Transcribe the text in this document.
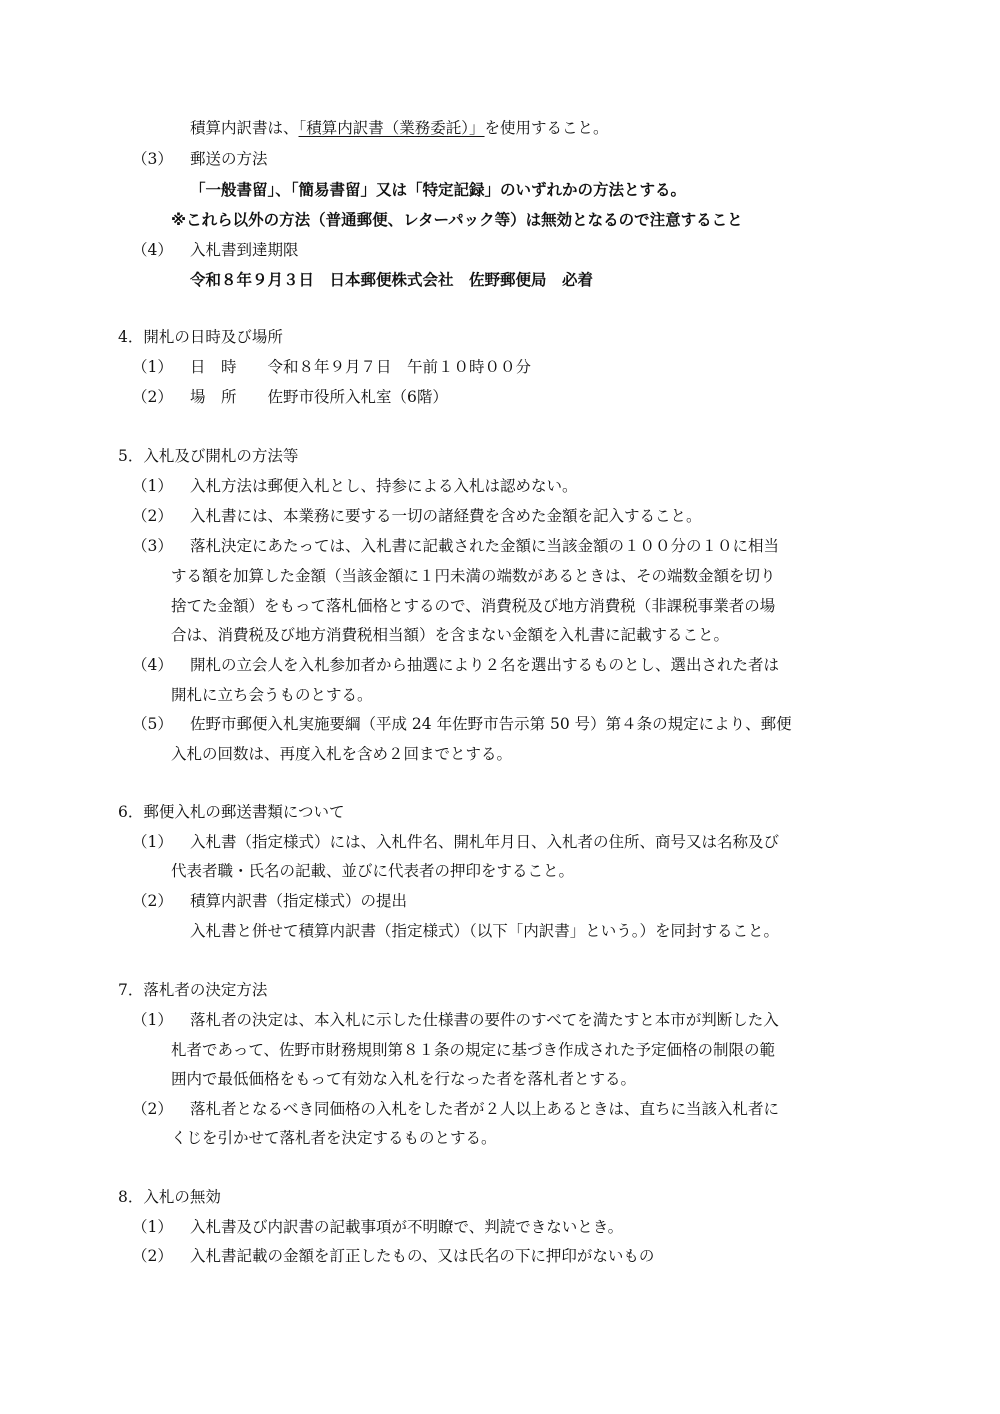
積算内訳書は、「積算内訳書（業務委託）」を使用すること。
（3） 郵送の方法
「一般書留」、「簡易書留」又は「特定記録」のいずれかの方法とする。
※これら以外の方法（普通郵便、レターパック等）は無効となるので注意すること
（4） 入札書到達期限
令和８年９月３日　日本郵便株式会社　佐野郵便局　必着
4．開札の日時及び場所
（1） 日　時　　令和８年９月７日　午前１０時００分
（2） 場　所　　佐野市役所入札室（6階）
5．入札及び開札の方法等
（1） 入札方法は郵便入札とし、持参による入札は認めない。
（2） 入札書には、本業務に要する一切の諸経費を含めた金額を記入すること。
（3） 落札決定にあたっては、入札書に記載された金額に当該金額の１００分の１０に相当
する額を加算した金額（当該金額に１円未満の端数があるときは、その端数金額を切り
捨てた金額）をもって落札価格とするので、消費税及び地方消費税（非課税事業者の場
合は、消費税及び地方消費税相当額）を含まない金額を入札書に記載すること。
（4） 開札の立会人を入札参加者から抽選により２名を選出するものとし、選出された者は
開札に立ち会うものとする。
（5） 佐野市郵便入札実施要綱（平成 24 年佐野市告示第 50 号）第４条の規定により、郵便
入札の回数は、再度入札を含め２回までとする。
6．郵便入札の郵送書類について
（1） 入札書（指定様式）には、入札件名、開札年月日、入札者の住所、商号又は名称及び
代表者職・氏名の記載、並びに代表者の押印をすること。
（2） 積算内訳書（指定様式）の提出
入札書と併せて積算内訳書（指定様式）（以下「内訳書」という。）を同封すること。
7．落札者の決定方法
（1） 落札者の決定は、本入札に示した仕様書の要件のすべてを満たすと本市が判断した入
札者であって、佐野市財務規則第８１条の規定に基づき作成された予定価格の制限の範
囲内で最低価格をもって有効な入札を行なった者を落札者とする。
（2） 落札者となるべき同価格の入札をした者が２人以上あるときは、直ちに当該入札者に
くじを引かせて落札者を決定するものとする。
8．入札の無効
（1） 入札書及び内訳書の記載事項が不明瞭で、判読できないとき。
（2） 入札書記載の金額を訂正したもの、又は氏名の下に押印がないもの
